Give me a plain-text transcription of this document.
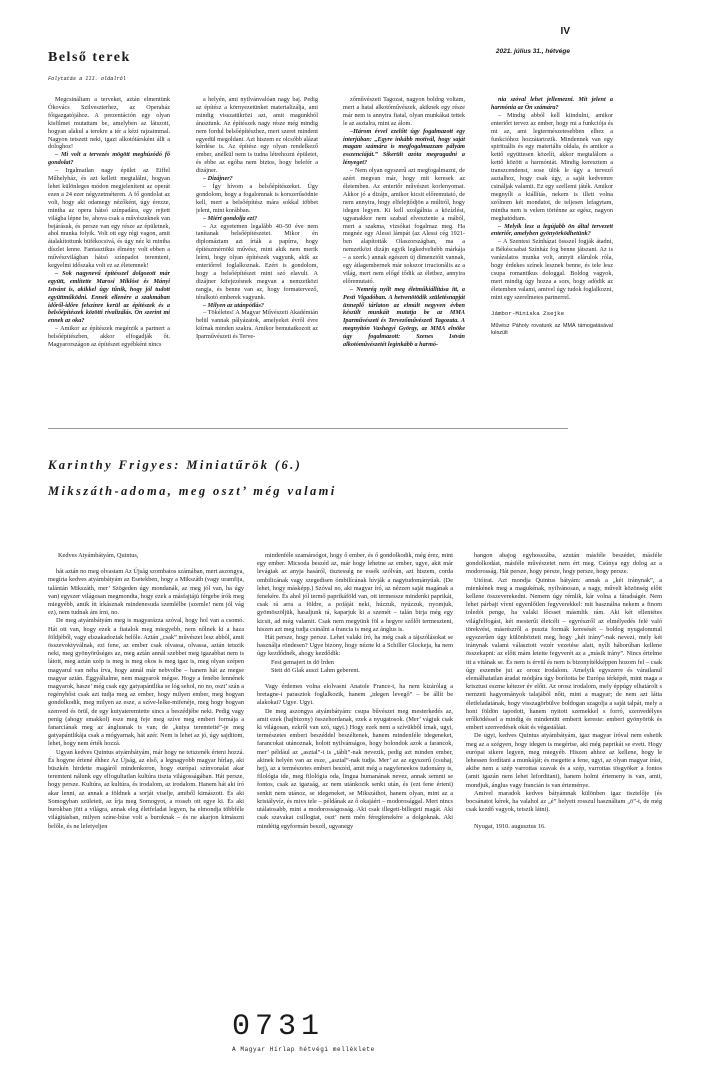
IV
2021. július 31., hétvége
Belső terek
Folytatás a III. oldalról

Megcsináltam a terveket, aztán elmentünk Ókovács Szilveszterhez, az Operaház főigazgatójához. A prezentáción egy olyan kisfilmet mutattam be, amelyben az látszott, hogyan alakul a terekre a tér a kézi rajzaimmal. Nagyon tetszett neki, igazi alkotótársként állt a dologhoz!

– Mi volt a tervezés mögött meghúzódó fő gondolat?

– Irgalmatlan nagy épület az Eiffel Műhelyház, és azt kellett megtalálni, hogyan lehet különleges módon megjeleníteni az operát ezen a 24 ezer négyzetméteren. A fő gondolat az volt, hogy aki odamegy nézőként, úgy érezze, mintha az opera hátsó színpadára, egy rejtett világba lépne be, ahova csak a művészeknek van bejárásuk, és persze van egy része az épületnek, ahol munka folyik. Volt ott egy régi vagon, amit átalakítottunk büfékocsivá, és úgy néz ki mintha díszlet lenne. Fantasztikus élmény volt ebben a művészvilágban hátsó színpadot teremteni, kegyelmi időszaka volt ez az életemnek!

– Sok nagynevű építésszel dolgozott már együtt, említette Marosi Miklóst és Mányi Istvánt is, akikkel úgy tűnik, hogy jól tudott együttműködni. Ennek ellenére a szakmában időről-időre felszínre kerül az építészek és a belsőépítészek közötti rivalizálás. Ön szerint mi ennek az oka?

– Amikor az építészek megérzik a partnert a belsőépítészben, akkor elfogadják őt. Magyarországon az építészet egyébként nincs

a helyén, ami nyilvánvalóan nagy baj. Pedig az építész a környezetünket materializálja, ami mindig visszatükrözi azt, amit magunkból árasztunk. Az építészek nagy része még mindig nem fordul belsőépítészhez, mert szeret mindent egyedül megoldani. Azt hiszem ez olcsóbb alázat kérdése is. Az építész egy olyan rendelkező ember, anélkül nem is tudna létrehozni épületet, és ebbe az egóba nem biztos, hogy belefér a dizájner.

– Dizájner?

– Így hívom a belsőépítészeket. Úgy gondolom, hogy a fogalomnak is korszerűsödnie kell, mert a belsőépítész mára sokkal többet jelent, mint korábban.

– Miért gondolja ezt?

– Az egyetemen legalább 40–50 éve nem tanítanak belsőépítészetet. Mikor én diplomáztam azt írták a papírra, hogy építészmérnöki művész, mint akik nem merik leírni, hogy olyan építészek vagyunk, akik az enteriőrrel foglalkoznak. Ezért is gondolom, hogy a belsőépítészet mint szó elavult. A dizájner kifejezésnek megvan a nemzetközi rangja, és benne van az, hogy formatervező, téralkotó emberek vagyunk.

– Milyen az utánpótlás?

– Tökéletes! A Magyar Művészeti Akadémián belül vannak pályázatok, amelyeket évről évre kiírnak minden szakra. Amikor bemutatkozott az Iparművészeti és Terve-

zőművészeti Tagozat, nagyon boldog voltam, mert a hatal alkotóművészek, akiknek egy része már nem is annyira fiatal, olyan munkákat tettek le az asztalra, mint az álom.

–Három évvel ezelőtt úgy fogalmazott egy interjúban: „Egyre inkább motivál, hogy saját magam számára is megfogalmazzam pályám esszenciáját.” Sikerült azóta megragadni a lényeget?

– Nem olyan egyszerű azt megfogalmazni, de azért megvan már, hogy mit keresek az életemben. Az enteriőr művészet korlenyomat. Akkor jó a dizájn, amikor kicsit előremutató, de nem annyira, hogy elfelejtődjön a múltról, hogy idegen legyen. Ki kell szolgálnia a közízlést, ugyanakkor nem szabad elvesztenie a mából, mert a szakma, vizsókat fogalmaz meg. Ha megnéz egy Alessi lámpát (az Alessi cég 1921-ben alapították Olaszországban, ma a nemzetközi dizájn egyik legkedveltebb márkája – a szerk.) annak egészen új dimenzióit vannak, egy átlagembernek már sokszor irracionális az a világ, mert nem előgé tődik az életbez, annyira előremutató.

– Nemrég nyílt meg életműkiállítása itt, a Pesti Vigadóban. A hetvenötödik születésnapját ünneplő tárlaton az elmúlt negyven évben készült munkáit mutatja be az MMA Iparművészeti és Tervezőművészeti Tagozata. A megnyitón Vashegyi György, az MMA elnöke úgy fogalmazott: Szenes István alkotóművészetét leginkább a harmó-

nia szóval lehet jellemezni. Mit jelent a harmónia az Ön számára?

– Mindig abból kell kiindulni, amikor enteriőrt tervez az ember, hogy mi a funkciója és mi az, ami legtermészetesebben elhez a funkcióhoz hozzátartozik. Mindennek van egy spirituális és egy materiális oldala, és amikor a kettő együttesen közelít, akkor megtalálom a kettő között a harmóniát. Mindig keresztem a transzcendenst, sose ülök le úgy a tervező asztalhoz, hogy csak úgy, a saját kedvemre csináljak valamit. Ez egy szellemi játék. Amikor megnyílt a kiállítás, nekem is illett volna szólnom két mondatot, de teljesen lefagytam, mintha nem is velem történne az egész, nagyon meghatódtam.

– Melyik lesz a legújabb ön által tervezett enteriőr, amelyben gyönyörködhetünk?

– A Szentesi Színházat össszel fogják átadni, a Békéscsabai Színház fog benne játszani. Az is varázslatos munka volt, annyit elárulok róla, hogy érdekes színek lesznek benne, és tele lesz csupa romantikus dologgal. Boldog vagyok, mert mindig úgy hozza a sors, hogy adódik az életemben valami, amivel úgy tudok foglalkozni, mint egy szerelmetes partnerrel.

Jámbor-Miniska Zsejke

Művész Páholy rovatunk az MMA támogatásával készült

Karinthy Frigyes: Miniatűrök (6.)
Mikszáth-adoma, meg oszt’ még valami

Kedves Atyámbátyám, Quintus,

hát aztán no meg olvastam Az Újság szombatos számában, mert aszongya, megírta kedves atyámbátyám az Esetekben, hogy a Mikszáth (vagy uramfija, talántán Mikszáth, mer’ Szögeden úgy mondanák, az meg jól van, ha úgy van) egyszer világosan megmondta, hogy ezek a másfajtájú férgebe írók meg miegyébb, amik ítt írkásznak mindenesuda szemlélbe (szemle! nem jól vág ez), nem tudnak ám írni, no.

De meg atyámbátyám meg is magyarázza szóval, hogy hol van a csomó. Hát ott van, hogy ezek a fiatalok meg miegyebb, nem nőlnek ki a haza földjéből, vagy elszakadoztak belőle. Aztán „csak” művészet lesz abból, amit összevoktyválnak, ezi fene, az ember csak olvassa, olvassa, aztán tetszik neki, meg gyönyörűséges az, meg aztán annál szebbet meg igazabbat nem is látott, meg aztán szép is meg is meg okos is meg igaz is, meg olyan szépen magyarul van néha írva, hogy annál már nebvolbe – hanem hát az megse magyar aztán. Éggyáltalme, nem magyarok mégse. Hogy a fenébe lennének magyarok, hasze’ még csak egy gatyapántlika se lóg sehol, no no, oszt’ szán a regényhőst csak azt tudja meg az ember, hogy milyen ember, meg hogyan gondolkodik, meg milyen az esze, a szíve-lelke-mifenéje, meg hogy hogyan szenved és örül, de egy kutyateremtette sincs a beszédjébe neki. Pedig vagy penig (ahogy smakkol) esze meg feje meg szíve meg emberi formája a fanarciának meg az ánglusnak is van; de „kutya teremtetté”-je meg gatyapántlikája csak a mógyarnak, hát azér. Nem is lehet az jó, úgy sajditom, lehet, hogy nem érték hozzá.

Ugyan kedves Quintus atyámbátyám, már hogy ne tetszenék érteni hozzá. És hogyne értené éhhez Az Újság, az első, a legnagyobb magyar hírlap, aki büszkén hirdette magáról mindenkoron, hogy európai színvonalat akar teremteni nálunk egy elfogultatlan kultúra tiszta világosságában. Hát persze, hogy persze. Kultúra, az kultúra, és irodalom, az irodalom. Hanem hát aki író akar lenni, az annak a földnek a sorját viselje, amiből kimászott. És aki Somogyban született, az írja meg Somogyot, a rosseb ott egye ki. És aki burokban jött a világra, annak eleg életfeladat legyen, ha elmondja többféle világitásban, milyen színe-búse volt a buroknak – és ne akarjon kimászni belőle, és ne lefetyeljen

mindenféle szamársógot, hogy ő ember, és ő gondolkodik, még érez, mint egy ember. Micsoda beszéd az, már hogy lehetne az ember, ugye, akit már levágtak az anyja hasáról, tisztesség ne essék szólván, azt hiszem, corda ombilicának vagy szegedisen ómbilícának hívják a nagytudományúak. (De lehet, hogy másképp.) Szóval no, aki magyar író, az nézzen saját magának a fenekére. És ahol jól termő paprikáföld van, ott termessze mindenki paprikát, csak rá arra a földre, a pofáját neki, húzzuk, nyúzzuk, nyomjuk, gyömöszöljük, hasaljunk rá, kaparjuk ki a szemét – talán birja még egy kicsit, ad még valamit. Csak nem megyünk föl a hegyre szőlőt termeszteni, hiszen azt meg tudja csinálni a francia is meg az ánglus is.

Hát persze, hogy persze. Lehet valaki író, ha még csak a tájszólásokat se használja röndesen? Ugye bizony, hogy nézne ki a Schiller Glockeja, ha nem úgy kezdődnék, ahogy kezdődik:

Fest gemajert in dö lrden

Steit dö Glak auszi Lahm geberent.

Vagy érdemes volna elolvasni Anatole France-t, ha nem kizárólag a bretagne-i parasztok foglalkozik, hanem „idegen levegő” – be állít be alakokat? Ugye. Ugyi.

De meg aszongya atyámbátyám: csupa bűvészet meg mesterkedés az, amit ezek (hajbizony) összehordanak, ezek a nyugatosok. (Mer’ vágjuk csak ki világosan, ezkről van szó, ugyi.) Hogy ezek nem a szívükből írnak, ugyi, természetes emberi beszéddel beszéltenek, hanem mindenféle idegeneket, farancokat utánoznak, holott nyilvánságos, hogy bolondok azok a farancok, mer’ például az „asztal”-t is „tábli”-nak nevezik, pedig azt minden ember, akinek helyén van az esze, „asztal”-nak tudja. Mer’ az az egyszerű (csuhaj, hej), az a természetes emberi beszéd, amit még a nagyfeneekos tudomány is, filológia ide, meg filológia oda, lingua humanának nevez, annak semmi se fontos, csak az igazság, az nem utánkozik senki után, és (ezt fene érteni) senkit nem utánoz, se idegeneket, se Mikszáthot, hanem olyan, mint az a kristályvíz, és mivs tele – példának az ő okajáért – modorosággal. Mert nincs utálatosabb, mint a modorosságosság. Aki csak illegeti-billegeti magát. Aki csak szavakat csillogtat, oszt’ nem mén féregfenekére a dolgoknak. Aki mindétig egyformán beszél, ugyanegy

hangon abajog egyhosszába, azután másféle beszédet, másféle gondolkodást, másféle művészetet nem ért meg. Csúnya egy dolog az a modorosság. Hát persze, hogy persze, hogy persze, hogy persze.

Utóirat. Azt mondja Quintus bátyám: annak a „két iránynak”, a mienkének meg a magukénak, nyilvánosan, a nagy, művelt közönség előtt kellene összeverekedni. Nemem úgy rémlik, kár volna a fáradságér. Nem lehet párbajt vívni egyenlőtlen fegyverekkel: mit használna nekem a finom toledói penge, ha valaki lőcsset másmlik rám. Aki két ellentétes világfelfogást, két mesterűi életcélt – egyrészről az elmélyedés felé való törekvést, másrészről a puszta formák keresését – boldog nyugalommal egyszerűen úgy különbözteti meg, hogy „két irány”-nak nevezi, mely két iránynak valami választott vezér vezetése alatt, nyílt háborúban kellene összekapni: az előtt mám letette fegyverét az a „másik irány”. Nincs értelme itt a vitának se. És nem is érvül és nem is bizonyítékképpen hozom fel – csak úgy eszembe jut az orosz irodalom. Amelyik egyszerre és váratlanul elemálhatatlan áradat módjára úgy borította be Európa térképét, mint maga a krisztusi eszme kétezer év előtt. Az orosz irodalom, mely éppúgy elhatárolt s nemzeti hagyományok talajából nőtt, mint a magyar; de nem azt látta életfeladatának, hogy visszagörbülve boldogan szagolja a saját talpát, mely a honi földön tapodott, hanem nyitott szemekkel s forró, szenvedélyes erőlködéssel a mindig és mindenütt emberit kereste: emberi gyönyörök és emberi szenvedések okát és végastáláat.

De ugyi, kedves Quintus atyámbátyám, igaz magyar íróval nem eshetik meg az a szégyen, hogy idegen is megértse, aki még paprikát se evett. Hogy európai sikere legyen, meg miegyéb. Hiszen ahhoz az kellene, hogy le lehessen fordítani a munkáját; és megette a fene, ugyi, az olyan magyar írást, akibe nem a szép varrottas szavak és a szép, varrottas tösgyöker a fontos (amit igazán nem lehet leforditani), hanem holmi értemeny is van, amit, mondjuk, ánglus vagy francián is van érteménye.

Amivel maradok kedves bátyámnak különben igaz tisztelője (és bocsánatot kérek, ha valahol az „é” helyett rosszul használtam „ö”-t, de még csak kezdő vagyok, tetszik látni).

Nyugat, 1910. augusztus 16.

0731
A Magyar Hírlap hétvégi melléklete
